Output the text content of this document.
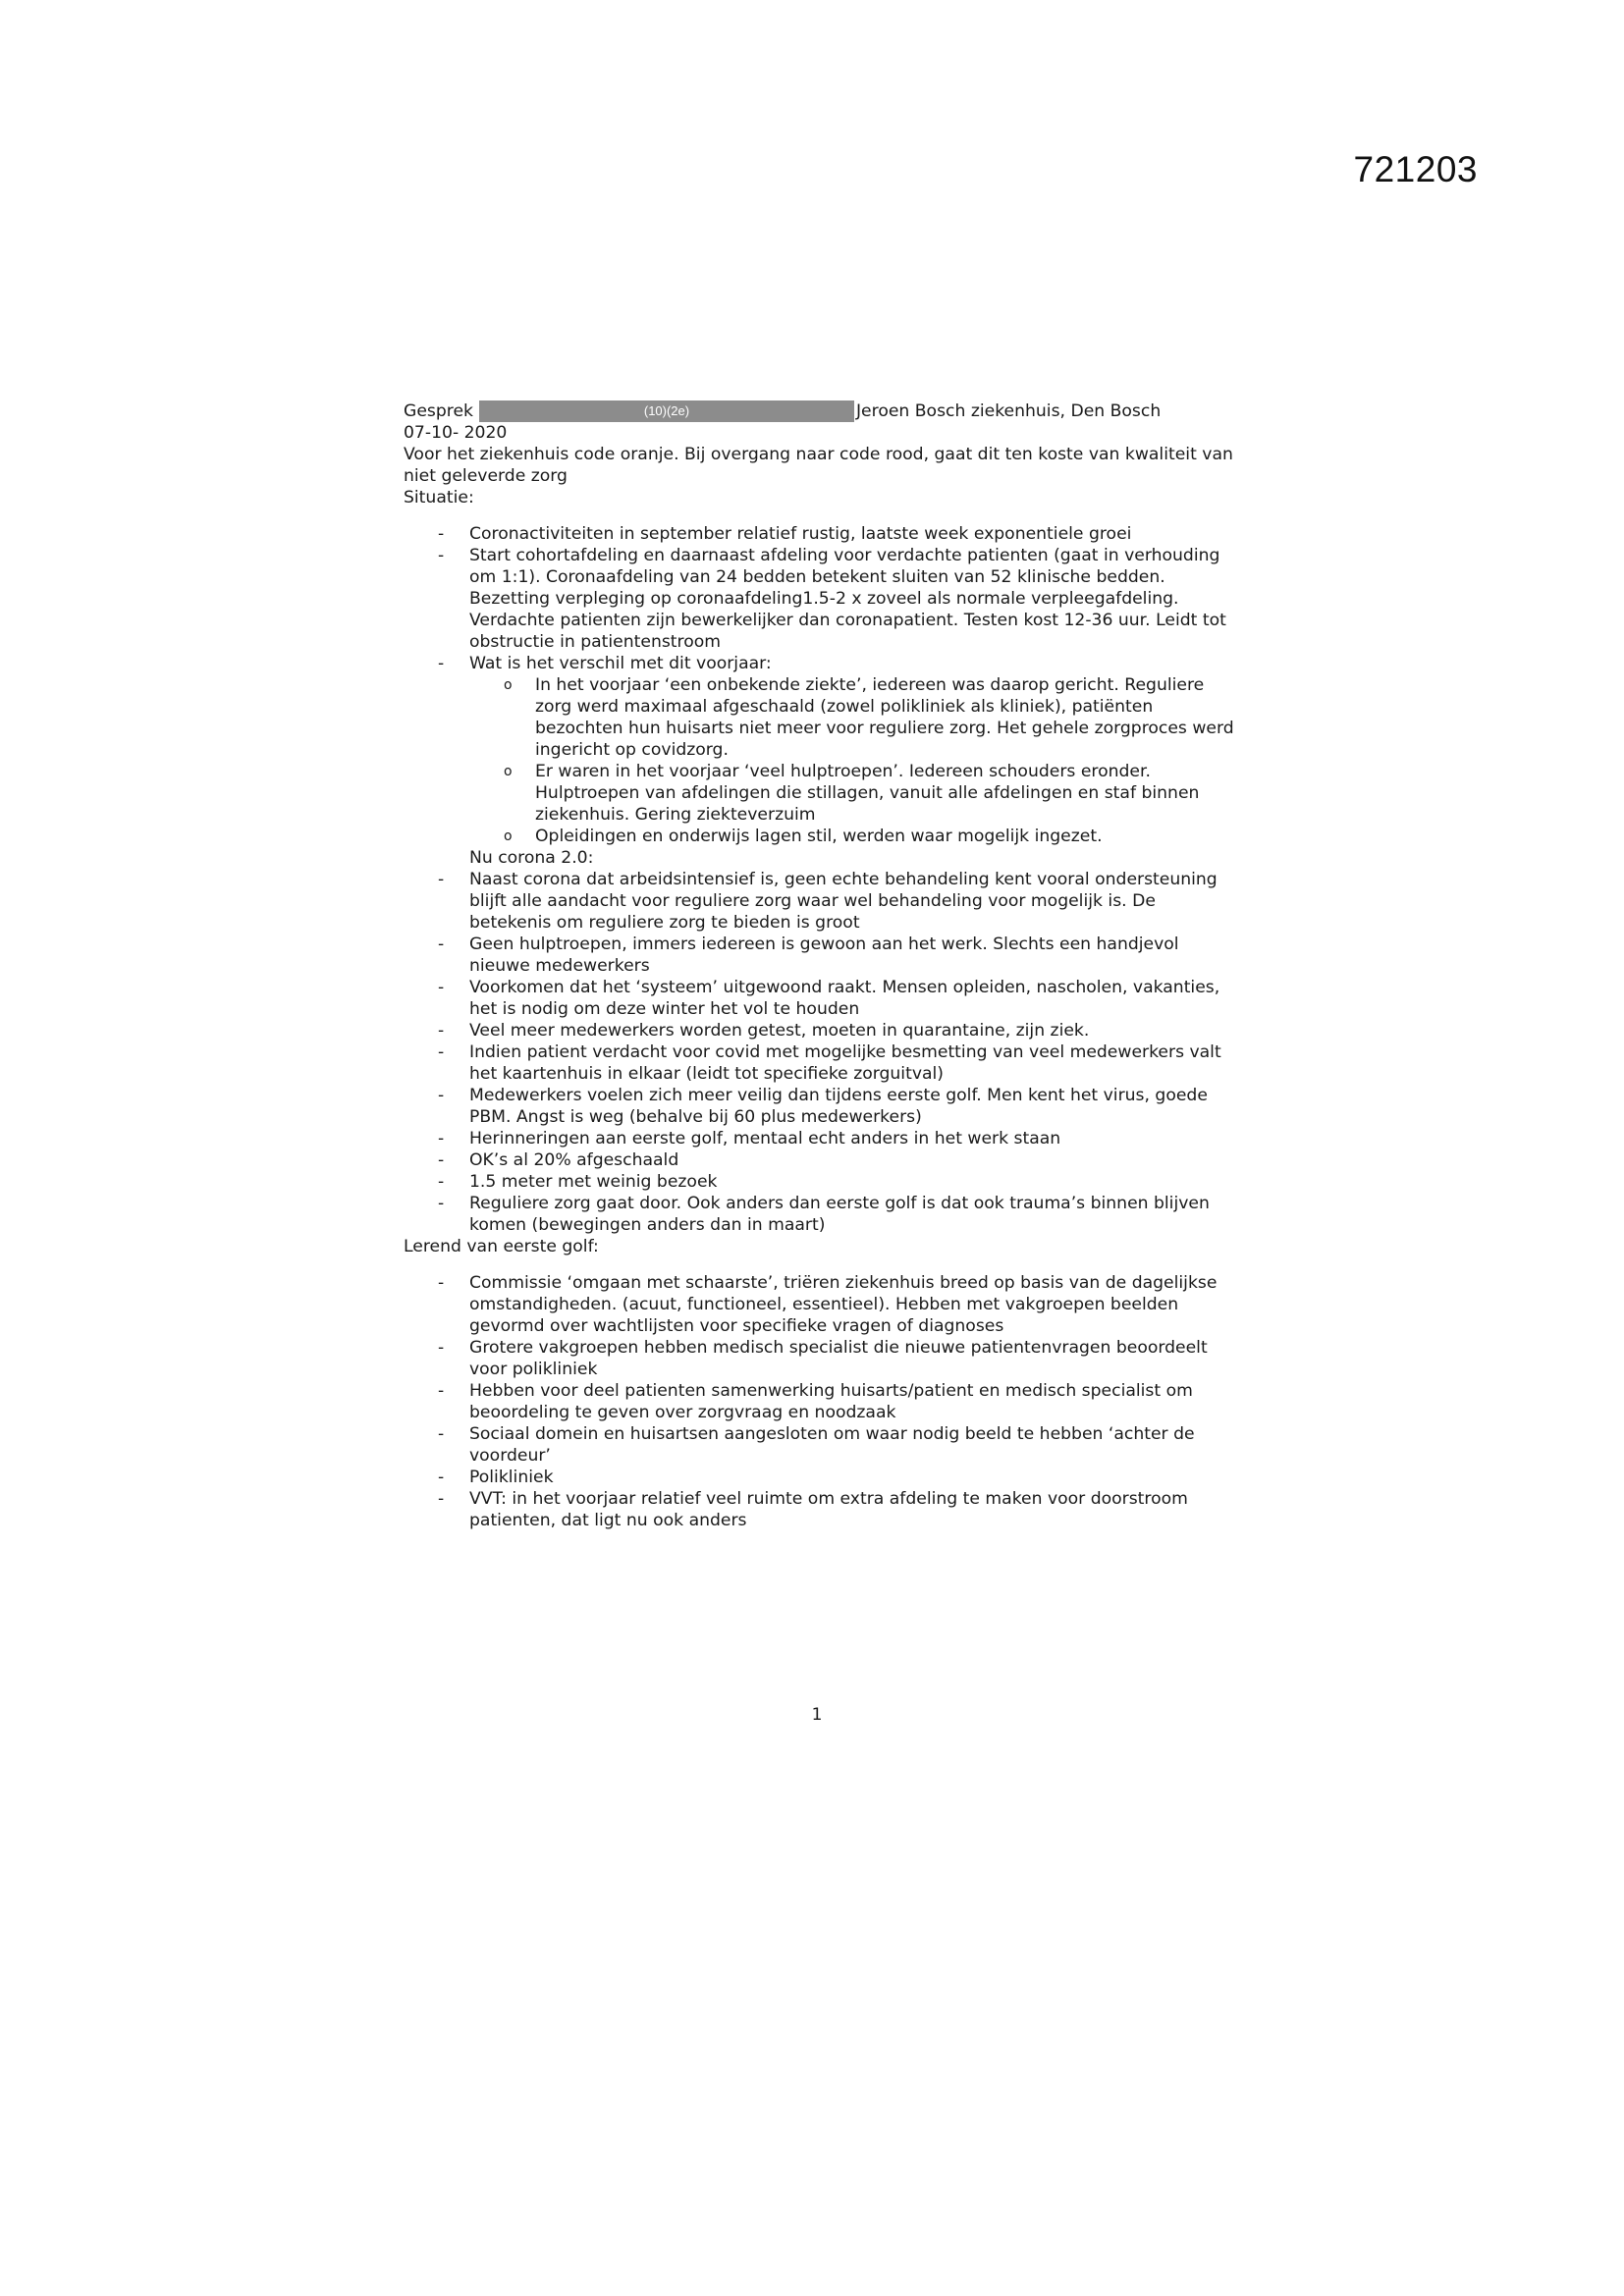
721203

Gesprek	(10)(2e)	Jeroen Bosch ziekenhuis, Den Bosch

07-10- 2020

Voor het ziekenhuis code oranje. Bij overgang naar code rood, gaat dit ten koste van kwaliteit van niet geleverde zorg

Situatie:

- Coronactiviteiten in september relatief rustig, laatste week exponentiele groei
- Start cohortafdeling en daarnaast afdeling voor verdachte patienten (gaat in verhouding om 1:1). Coronaafdeling van 24 bedden betekent sluiten van 52 klinische bedden. Bezetting verpleging op coronaafdeling1.5-2 x zoveel als normale verpleegafdeling. Verdachte patienten zijn bewerkelijker dan coronapatient. Testen kost 12-36 uur. Leidt tot obstructie in patientenstroom
- Wat is het verschil met dit voorjaar:
o In het voorjaar ‘een onbekende ziekte’, iedereen was daarop gericht. Reguliere zorg werd maximaal afgeschaald (zowel polikliniek als kliniek), patiënten bezochten hun huisarts niet meer voor reguliere zorg. Het gehele zorgproces werd ingericht op covidzorg.
o Er waren in het voorjaar ‘veel hulptroepen’. Iedereen schouders eronder. Hulptroepen van afdelingen die stillagen, vanuit alle afdelingen en staf binnen ziekenhuis. Gering ziekteverzuim
o Opleidingen en onderwijs lagen stil, werden waar mogelijk ingezet.

Nu corona 2.0:

- Naast corona dat arbeidsintensief is, geen echte behandeling kent vooral ondersteuning blijft alle aandacht voor reguliere zorg waar wel behandeling voor mogelijk is. De betekenis om reguliere zorg te bieden is groot
- Geen hulptroepen, immers iedereen is gewoon aan het werk. Slechts een handjevol nieuwe medewerkers
- Voorkomen dat het ‘systeem’ uitgewoond raakt. Mensen opleiden, nascholen, vakanties, het is nodig om deze winter het vol te houden
- Veel meer medewerkers worden getest, moeten in quarantaine, zijn ziek.
- Indien patient verdacht voor covid met mogelijke besmetting van veel medewerkers valt het kaartenhuis in elkaar (leidt tot specifieke zorguitval)
- Medewerkers voelen zich meer veilig dan tijdens eerste golf. Men kent het virus, goede PBM. Angst is weg (behalve bij 60 plus medewerkers)
- Herinneringen aan eerste golf, mentaal echt anders in het werk staan
- OK’s al 20% afgeschaald
- 1.5 meter met weinig bezoek
- Reguliere zorg gaat door. Ook anders dan eerste golf is dat ook trauma’s binnen blijven komen (bewegingen anders dan in maart)

Lerend van eerste golf:

- Commissie ‘omgaan met schaarste’, triëren ziekenhuis breed op basis van de dagelijkse omstandigheden. (acuut, functioneel, essentieel). Hebben met vakgroepen beelden gevormd over wachtlijsten voor specifieke vragen of diagnoses
- Grotere vakgroepen hebben medisch specialist die nieuwe patientenvragen beoordeelt voor polikliniek
- Hebben voor deel patienten samenwerking huisarts/patient en medisch specialist om beoordeling te geven over zorgvraag en noodzaak
- Sociaal domein en huisartsen aangesloten om waar nodig beeld te hebben ‘achter de voordeur’
- Polikliniek
- VVT: in het voorjaar relatief veel ruimte om extra afdeling te maken voor doorstroom patienten, dat ligt nu ook anders
1
